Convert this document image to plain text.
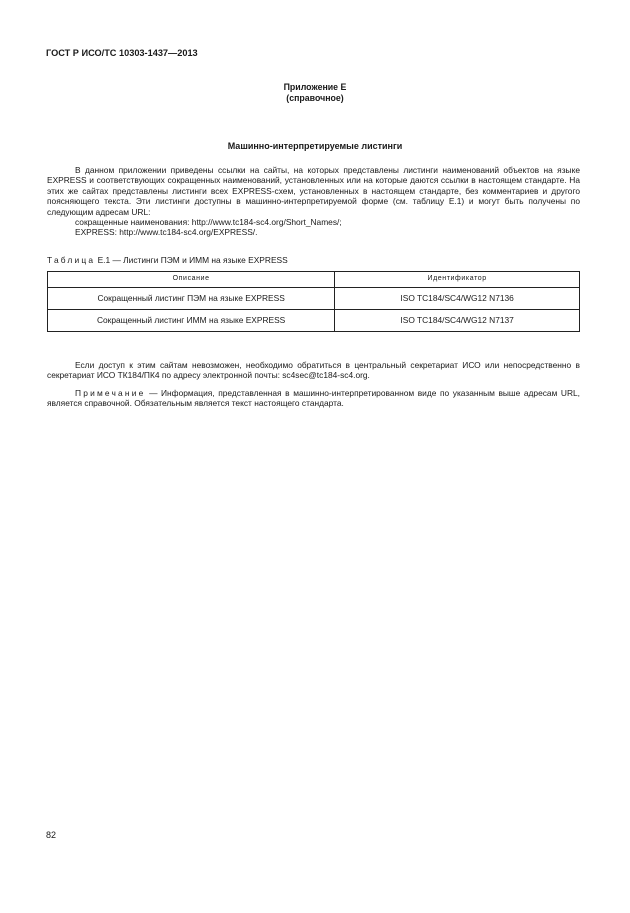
ГОСТ Р ИСО/ТС 10303-1437—2013
Приложение Е
(справочное)
Машинно-интерпретируемые листинги

В данном приложении приведены ссылки на сайты, на которых представлены листинги наименований объектов на языке EXPRESS и соответствующих сокращенных наименований, установленных или на которые даются ссылки в настоящем стандарте. На этих же сайтах представлены листинги всех EXPRESS-схем, установленных в настоящем стандарте, без комментариев и другого поясняющего текста. Эти листинги доступны в машинно-интерпретируемой форме (см. таблицу Е.1) и могут быть получены по следующим адресам URL:

сокращенные наименования: http://www.tc184-sc4.org/Short_Names/;

EXPRESS: http://www.tc184-sc4.org/EXPRESS/.

Таблица Е.1 — Листинги ПЭМ и ИММ на языке EXPRESS
Описание	Идентификатор
Сокращенный листинг ПЭМ на языке EXPRESS	ISO TC184/SC4/WG12 N7136
Сокращенный листинг ИММ на языке EXPRESS	ISO TC184/SC4/WG12 N7137

Если доступ к этим сайтам невозможен, необходимо обратиться в центральный секретариат ИСО или непосредственно в секретариат ИСО ТК184/ПК4 по адресу электронной почты: sc4sec@tc184-sc4.org.

Примечание — Информация, представленная в машинно-интерпретированном виде по указанным выше адресам URL, является справочной. Обязательным является текст настоящего стандарта.

82
